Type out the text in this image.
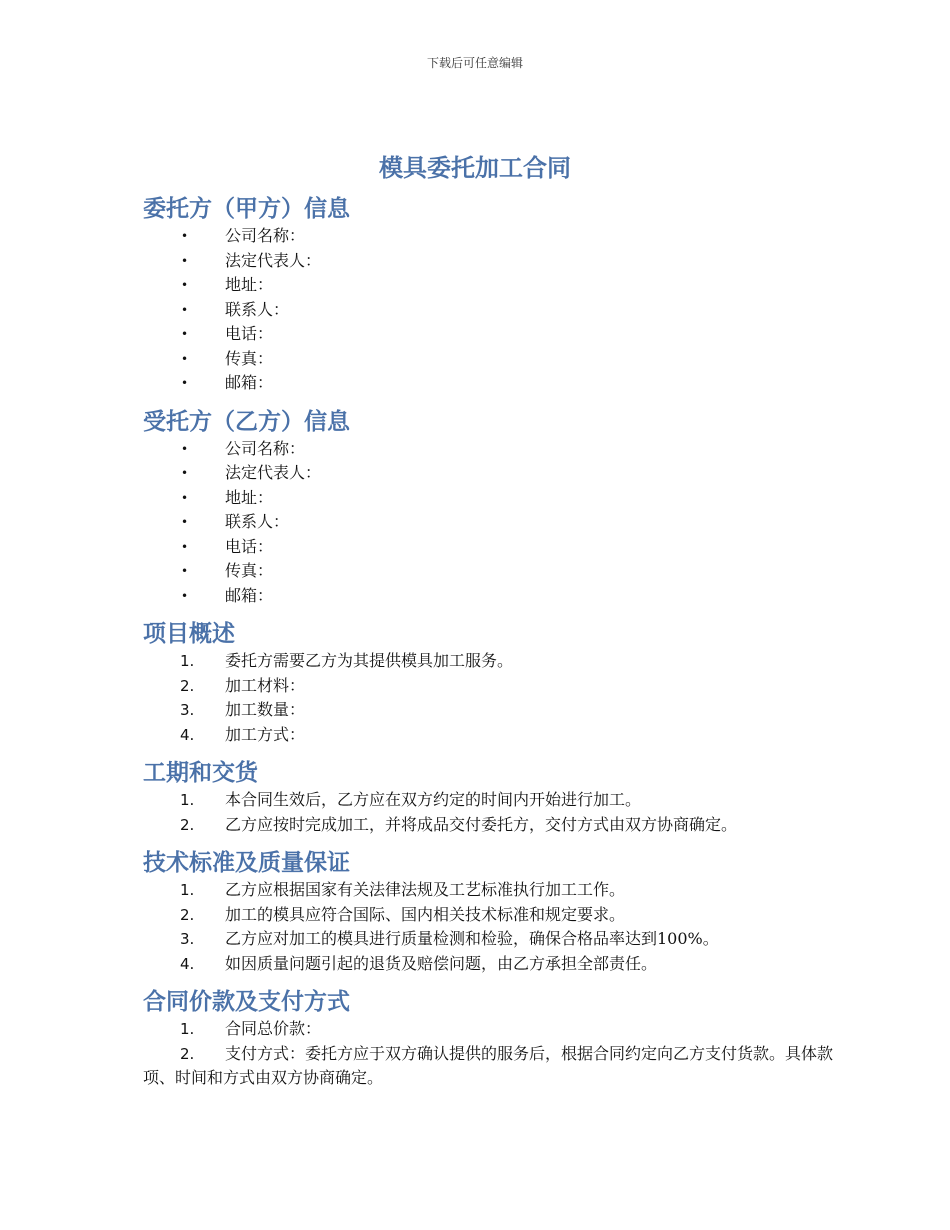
下载后可任意编辑
模具委托加工合同
委托方（甲方）信息
• 公司名称：
• 法定代表人：
• 地址：
• 联系人：
• 电话：
• 传真：
• 邮箱：
受托方（乙方）信息
• 公司名称：
• 法定代表人：
• 地址：
• 联系人：
• 电话：
• 传真：
• 邮箱：
项目概述
1. 委托方需要乙方为其提供模具加工服务。
2. 加工材料：
3. 加工数量：
4. 加工方式：
工期和交货
1. 本合同生效后，乙方应在双方约定的时间内开始进行加工。
2. 乙方应按时完成加工，并将成品交付委托方，交付方式由双方协商确定。
技术标准及质量保证
1. 乙方应根据国家有关法律法规及工艺标准执行加工工作。
2. 加工的模具应符合国际、国内相关技术标准和规定要求。
3. 乙方应对加工的模具进行质量检测和检验，确保合格品率达到100%。
4. 如因质量问题引起的退货及赔偿问题，由乙方承担全部责任。
合同价款及支付方式
1. 合同总价款：
2. 支付方式：委托方应于双方确认提供的服务后，根据合同约定向乙方支付货款。具体款项、时间和方式由双方协商确定。
